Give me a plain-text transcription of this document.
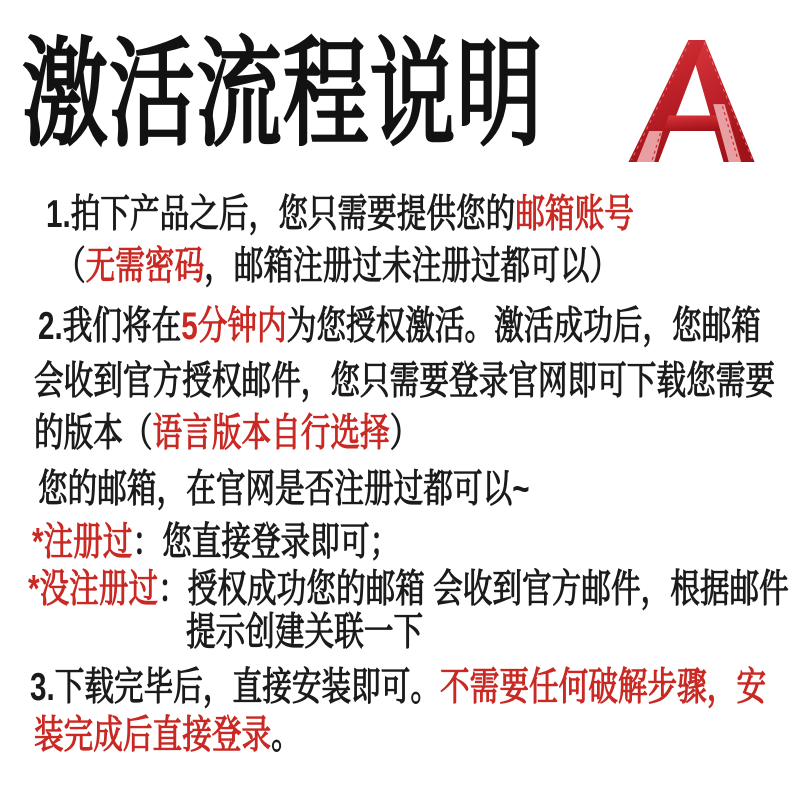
激活流程说明
1.拍下产品之后，您只需要提供您的邮箱账号
（无需密码，邮箱注册过未注册过都可以）
2.我们将在5分钟内为您授权激活。激活成功后，您邮箱
会收到官方授权邮件，您只需要登录官网即可下载您需要
的版本（语言版本自行选择）
您的邮箱，在官网是否注册过都可以~
*注册过：您直接登录即可；
*没注册过：授权成功您的邮箱 会收到官方邮件，根据邮件
提示创建关联一下
3.下载完毕后，直接安装即可。不需要任何破解步骤，安
装完成后直接登录。
